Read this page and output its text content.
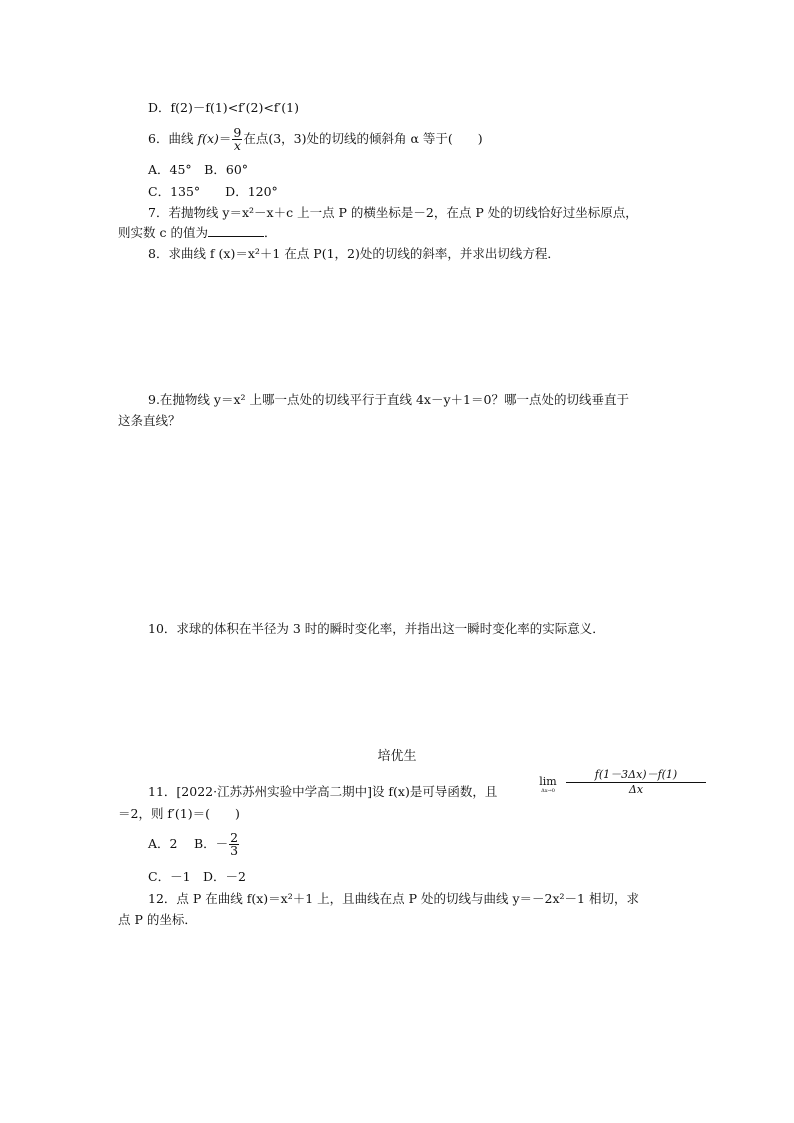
D．f(2)－f(1)<f′(2)<f′(1)
6．曲线 $f(x)= \frac{9}{x}$ 在点(3，3)处的切线的倾斜角 α 等于(　　)
A．45°　B．60°
C．135°　　D．120°
7．若抛物线 y＝x²－x＋c 上一点 P 的横坐标是－2，在点 P 处的切线恰好过坐标原点，
则实数 c 的值为	．
8．求曲线 f (x)＝x²＋1 在点 P(1，2)处的切线的斜率，并求出切线方程．
9.在抛物线 y＝x² 上哪一点处的切线平行于直线 4x－y＋1＝0？哪一点处的切线垂直于
这条直线？
10．求球的体积在半径为 3 时的瞬时变化率，并指出这一瞬时变化率的实际意义．
培优生
11．[2022·江苏苏州实验中学高二期中]设 f(x)是可导函数，且
lim
Δx→0	$\frac{f(1-3\Delta x)-f(1)}{\Delta x}$
＝2，则 f′(1)＝(　　)
A．2　 B．－ $\frac{2}{3}$
C．－1　D．－2
12．点 P 在曲线 f(x)＝x²＋1 上，且曲线在点 P 处的切线与曲线 y＝－2x²－1 相切，求
点 P 的坐标．
